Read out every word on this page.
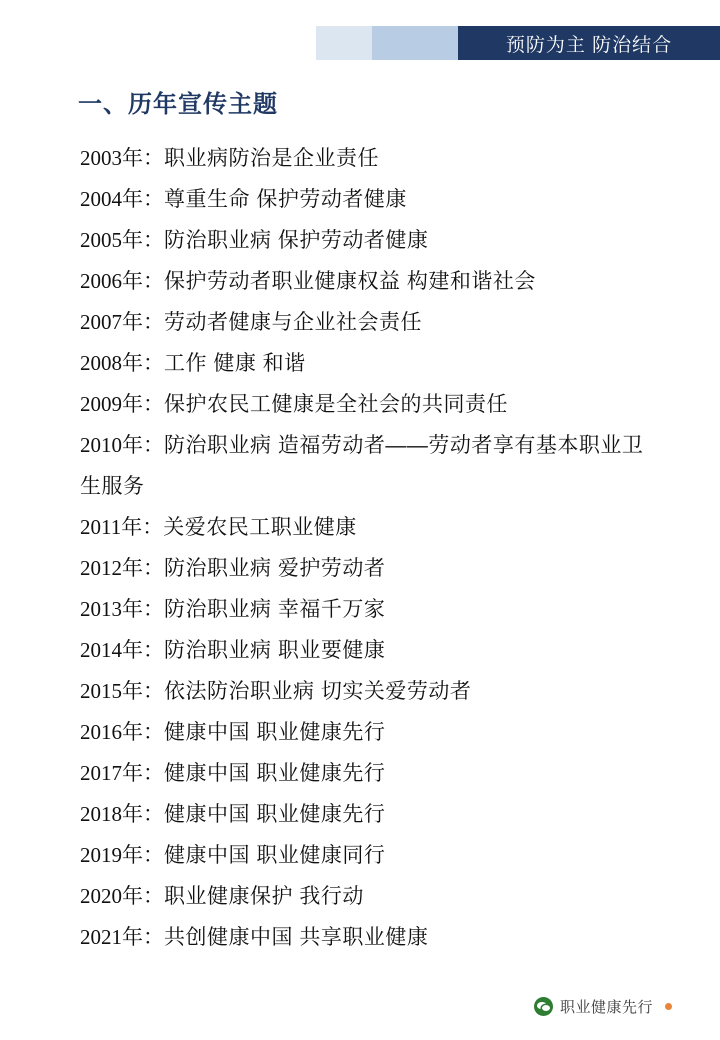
预防为主 防治结合
一、历年宣传主题
2003年：职业病防治是企业责任
2004年：尊重生命 保护劳动者健康
2005年：防治职业病 保护劳动者健康
2006年：保护劳动者职业健康权益 构建和谐社会
2007年：劳动者健康与企业社会责任
2008年：工作 健康 和谐
2009年：保护农民工健康是全社会的共同责任
2010年：防治职业病 造福劳动者——劳动者享有基本职业卫生服务
2011年：关爱农民工职业健康
2012年：防治职业病 爱护劳动者
2013年：防治职业病 幸福千万家
2014年：防治职业病 职业要健康
2015年：依法防治职业病 切实关爱劳动者
2016年：健康中国 职业健康先行
2017年：健康中国 职业健康先行
2018年：健康中国 职业健康先行
2019年：健康中国 职业健康同行
2020年：职业健康保护 我行动
2021年：共创健康中国 共享职业健康
职业健康先行
